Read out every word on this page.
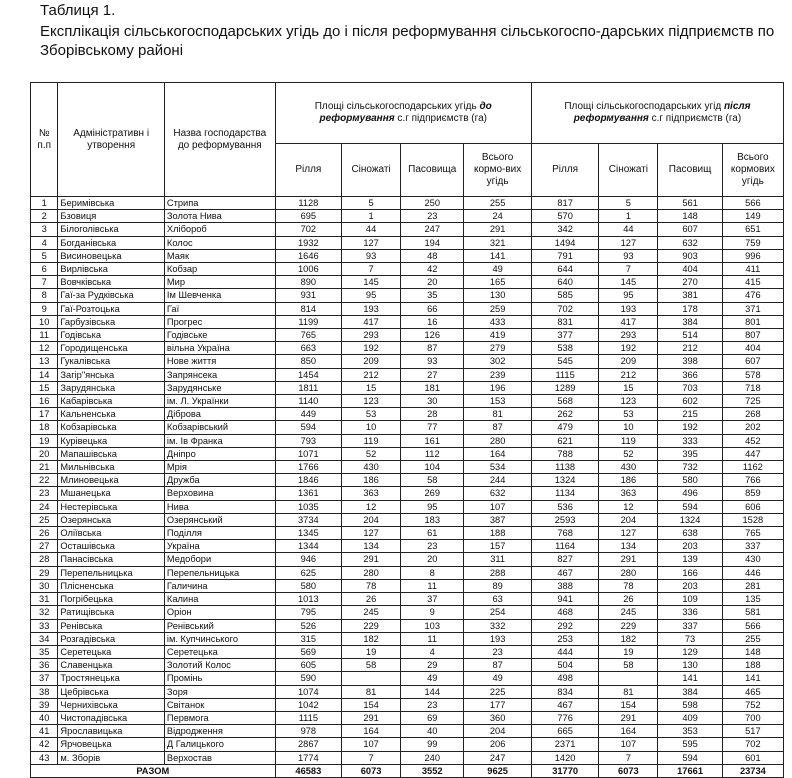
Таблиця 1.
Експлікація сільськогосподарських угідь до і після реформування сільськогоспо-дарських підприємств по Зборівському районі
№ п.п	Адміністративн і утворення	Назва господарства до реформування	Площі сільськогосподарських угідь до реформування с.г підприємств (га)				Площі сільськогосподарських угід після реформування с.г підприємств (га)			
			Рілля	Сіножаті	Пасовища	Всього кормо-вих угідь	Рілля	Сіножаті	Пасовищ	Всього кормових угідь
1	Беримівська	Стрипа	1128	5	250	255	817	5	561	566
2	Бзовиця	Золота Нива	695	1	23	24	570	1	148	149
3	Білоголівська	Хлібороб	702	44	247	291	342	44	607	651
4	Богданівська	Колос	1932	127	194	321	1494	127	632	759
5	Висиновецька	Маяк	1646	93	48	141	791	93	903	996
6	Вирлівська	Кобзар	1006	7	42	49	644	7	404	411
7	Вовчківська	Мир	890	145	20	165	640	145	270	415
8	Гаї-за Рудківська	Ім Шевченка	931	95	35	130	585	95	381	476
9	Гаї-Розтоцька	Гаї	814	193	66	259	702	193	178	371
10	Гарбузівська	Прогрес	1199	417	16	433	831	417	384	801
11	Годівська	Годівське	765	293	126	419	377	293	514	807
12	Городищенська	вільна Україна	663	192	87	279	538	192	212	404
13	Гукалівська	Нове життя	850	209	93	302	545	209	398	607
14	Загір"янська	Запрянсека	1454	212	27	239	1115	212	366	578
15	Зарудянська	Зарудянське	1811	15	181	196	1289	15	703	718
16	Кабарівська	ім. Л. Українки	1140	123	30	153	568	123	602	725
17	Кальненська	Діброва	449	53	28	81	262	53	215	268
18	Кобзарівська	Кобзарівський	594	10	77	87	479	10	192	202
19	Курівецька	ім. Ів Франка	793	119	161	280	621	119	333	452
20	Мапашівська	Дніпро	1071	52	112	164	788	52	395	447
21	Мильнівська	Мрія	1766	430	104	534	1138	430	732	1162
22	Млиновецька	Дружба	1846	186	58	244	1324	186	580	766
23	Мшанецька	Верховина	1361	363	269	632	1134	363	496	859
24	Нестерівська	Нива	1035	12	95	107	536	12	594	606
25	Озерянська	Озерянський	3734	204	183	387	2593	204	1324	1528
26	Оліївська	Поділля	1345	127	61	188	768	127	638	765
27	Осташівська	Україна	1344	134	23	157	1164	134	203	337
28	Панасівська	Медобори	946	291	20	311	827	291	139	430
29	Перепельницька	Перепельницька	625	280	8	288	467	280	166	446
30	Плісненська	Галичина	580	78	11	89	388	78	203	281
31	Погрібецька	Калина	1013	26	37	63	941	26	109	135
32	Ратищівська	Оріон	795	245	9	254	468	245	336	581
33	Ренівська	Ренівський	526	229	103	332	292	229	337	566
34	Розгадівська	ім. Купчинського	315	182	11	193	253	182	73	255
35	Серетецька	Серетецька	569	19	4	23	444	19	129	148
36	Славенцька	Золотий Колос	605	58	29	87	504	58	130	188
37	Тростянецька	Промінь	590		49	49	498		141	141
38	Цебрівська	Зоря	1074	81	144	225	834	81	384	465
39	Чернихівська	Світанок	1042	154	23	177	467	154	598	752
40	Чистопадівська	Первмога	1115	291	69	360	776	291	409	700
41	Ярославицька	Відродження	978	164	40	204	665	164	353	517
42	Ярчовецька	Д Галицького	2867	107	99	206	2371	107	595	702
43	м. Зборів	Верхостав	1774	7	240	247	1420	7	594	601
РАЗОМ			46583	6073	3552	9625	31770	6073	17661	23734
